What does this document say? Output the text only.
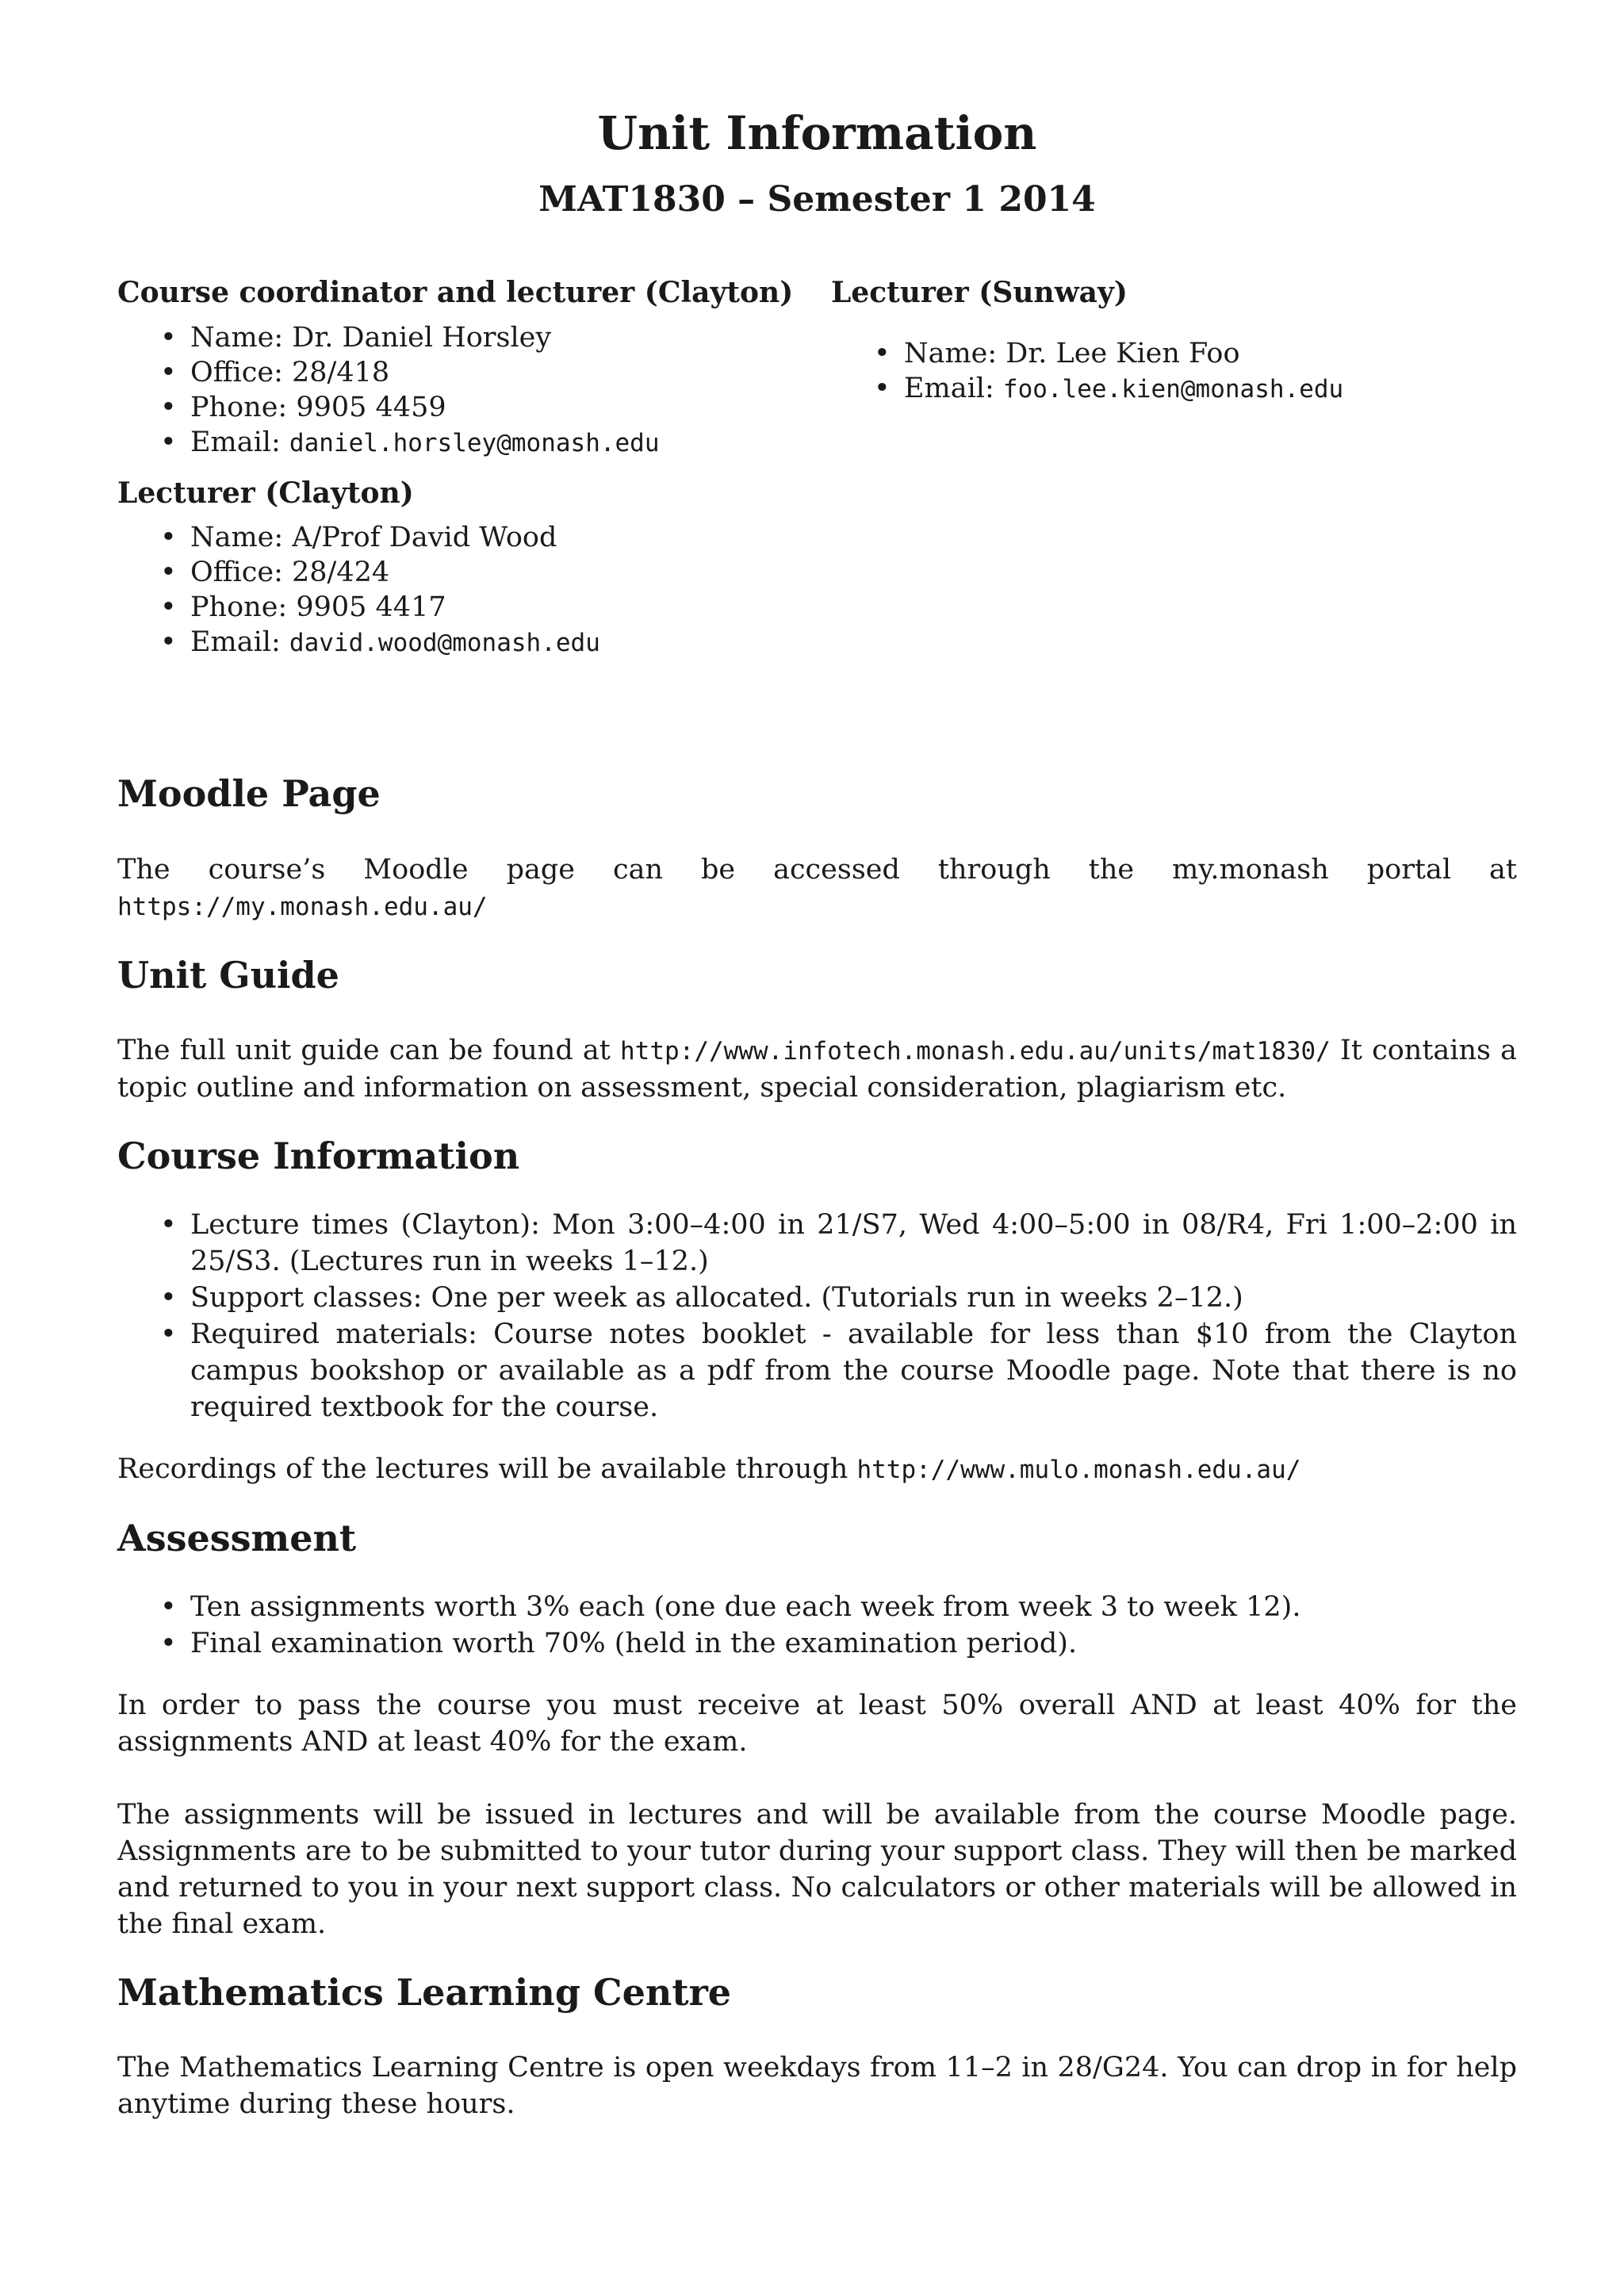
Unit Information
MAT1830 – Semester 1 2014
Course coordinator and lecturer (Clayton)
• Name: Dr. Daniel Horsley
• Office: 28/418
• Phone: 9905 4459
• Email: daniel.horsley@monash.edu
Lecturer (Clayton)
• Name: A/Prof David Wood
• Office: 28/424
• Phone: 9905 4417
• Email: david.wood@monash.edu
Lecturer (Sunway)
• Name: Dr. Lee Kien Foo
• Email: foo.lee.kien@monash.edu
Moodle Page

The course’s Moodle page can be accessed through the my.monash portal at https://my.monash.edu.au/

Unit Guide

The full unit guide can be found at http://www.infotech.monash.edu.au/units/mat1830/ It contains a topic outline and information on assessment, special consideration, plagiarism etc.

Course Information
• Lecture times (Clayton): Mon 3:00–4:00 in 21/S7, Wed 4:00–5:00 in 08/R4, Fri 1:00–2:00 in 25/S3. (Lectures run in weeks 1–12.)
• Support classes: One per week as allocated. (Tutorials run in weeks 2–12.)
• Required materials: Course notes booklet - available for less than $10 from the Clayton campus bookshop or available as a pdf from the course Moodle page. Note that there is no required textbook for the course.

Recordings of the lectures will be available through http://www.mulo.monash.edu.au/

Assessment
• Ten assignments worth 3% each (one due each week from week 3 to week 12).
• Final examination worth 70% (held in the examination period).

In order to pass the course you must receive at least 50% overall AND at least 40% for the assignments AND at least 40% for the exam.

The assignments will be issued in lectures and will be available from the course Moodle page. Assignments are to be submitted to your tutor during your support class. They will then be marked and returned to you in your next support class. No calculators or other materials will be allowed in the final exam.

Mathematics Learning Centre

The Mathematics Learning Centre is open weekdays from 11–2 in 28/G24. You can drop in for help anytime during these hours.
